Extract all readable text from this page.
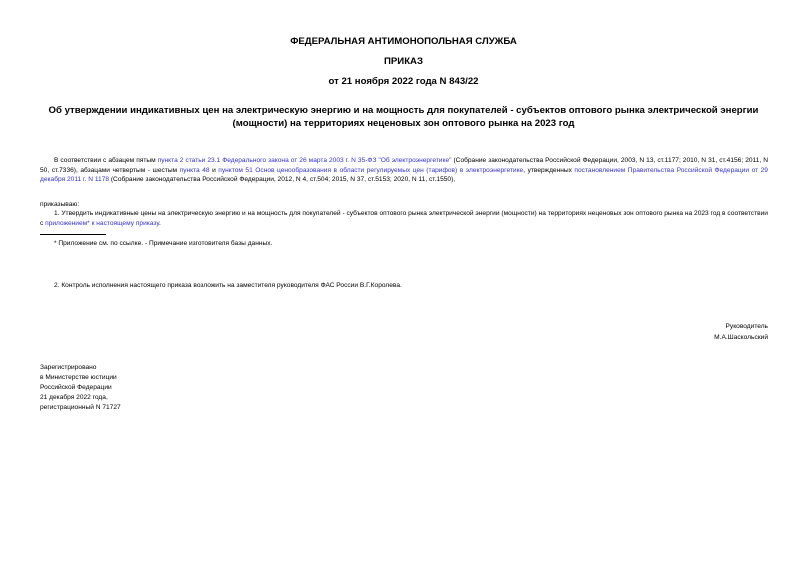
ФЕДЕРАЛЬНАЯ АНТИМОНОПОЛЬНАЯ СЛУЖБА
ПРИКАЗ
от 21 ноября 2022 года N 843/22
Об утверждении индикативных цен на электрическую энергию и на мощность для покупателей - субъектов оптового рынка электрической энергии (мощности) на территориях неценовых зон оптового рынка на 2023 год
В соответствии с абзацем пятым пункта 2 статьи 23.1 Федерального закона от 26 марта 2003 г. N 35-ФЗ "Об электроэнергетике" (Собрание законодательства Российской Федерации, 2003, N 13, ст.1177; 2010, N 31, ст.4156; 2011, N 50, ст.7336), абзацами четвертым - шестым пункта 48 и пунктом 51 Основ ценообразования в области регулируемых цен (тарифов) в электроэнергетике, утвержденных постановлением Правительства Российской Федерации от 29 декабря 2011 г. N 1178 (Собрание законодательства Российской Федерации, 2012, N 4, ст.504; 2015, N 37, ст.5153; 2020, N 11, ст.1550),
приказываю:
1. Утвердить индикативные цены на электрическую энергию и на мощность для покупателей - субъектов оптового рынка электрической энергии (мощности) на территориях неценовых зон оптового рынка на 2023 год в соответствии с приложением* к настоящему приказу.
* Приложение см. по ссылке. - Примечание изготовителя базы данных.
2. Контроль исполнения настоящего приказа возложить на заместителя руководителя ФАС России В.Г.Королева.
Руководитель
М.А.Шаскольский
Зарегистрировано
в Министерстве юстиции
Российской Федерации
21 декабря 2022 года,
регистрационный N 71727
